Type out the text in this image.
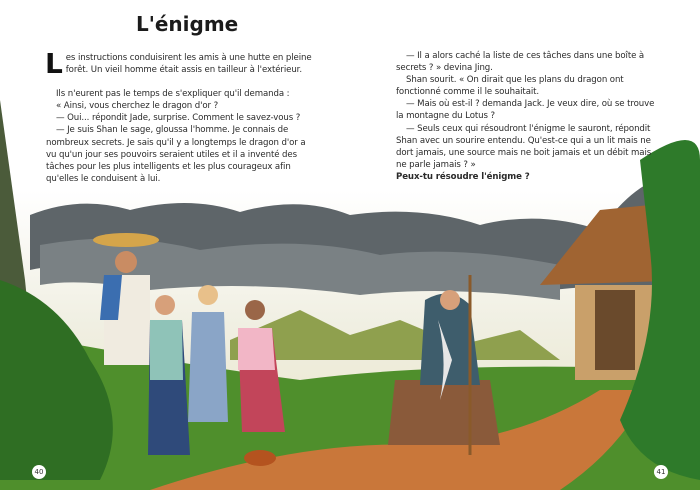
L'énigme

Les instructions conduisirent les amis à une hutte en pleine forêt. Un vieil homme était assis en tailleur à l'extérieur.

Ils n'eurent pas le temps de s'expliquer qu'il demanda :

« Ainsi, vous cherchez le dragon d'or ?

— Oui... répondit Jade, surprise. Comment le savez-vous ?

— Je suis Shan le sage, gloussa l'homme. Je connais de nombreux secrets. Je sais qu'il y a longtemps le dragon d'or a vu qu'un jour ses pouvoirs seraient utiles et il a inventé des tâches pour les plus intelligents et les plus courageux afin qu'elles le conduisent à lui.

— Il a alors caché la liste de ces tâches dans une boîte à secrets ? » devina Jing.

Shan sourit. « On dirait que les plans du dragon ont fonctionné comme il le souhaitait.

— Mais où est-il ? demanda Jack. Je veux dire, où se trouve la montagne du Lotus ?

— Seuls ceux qui résoudront l'énigme le sauront, répondit Shan avec un sourire entendu. Qu'est-ce qui a un lit mais ne dort jamais, une source mais ne boit jamais et un débit mais ne parle jamais ? »

Peux-tu résoudre l'énigme ?

40	41
